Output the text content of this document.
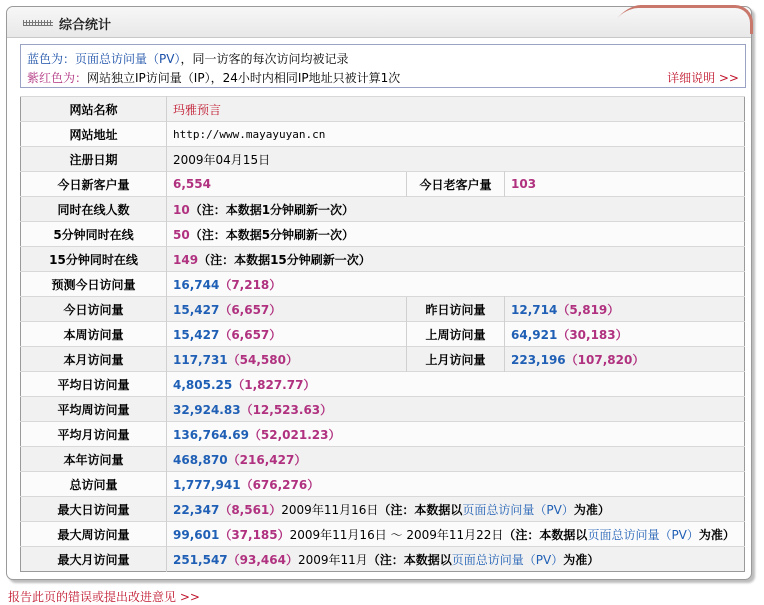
综合统计
蓝色为：页面总访问量（PV），同一访客的每次访问均被记录
紫红色为：网站独立IP访问量（IP），24小时内相同IP地址只被计算1次	详细说明 >>
网站名称	玛雅预言		
网站地址	http://www.mayayuyan.cn		
注册日期	2009年04月15日		
今日新客户量	6,554	今日老客户量	103
同时在线人数	10（注：本数据1分钟刷新一次）		
5分钟同时在线	50（注：本数据5分钟刷新一次）		
15分钟同时在线	149（注：本数据15分钟刷新一次）		
预测今日访问量	16,744（7,218）		
今日访问量	15,427（6,657）	昨日访问量	12,714（5,819）
本周访问量	15,427（6,657）	上周访问量	64,921（30,183）
本月访问量	117,731（54,580）	上月访问量	223,196（107,820）
平均日访问量	4,805.25（1,827.77）		
平均周访问量	32,924.83（12,523.63）		
平均月访问量	136,764.69（52,021.23）		
本年访问量	468,870（216,427）		
总访问量	1,777,941（676,276）		
最大日访问量	22,347（8,561）2009年11月16日（注：本数据以页面总访问量（PV）为准）		
最大周访问量	99,601（37,185）2009年11月16日 ～ 2009年11月22日（注：本数据以页面总访问量（PV）为准）		
最大月访问量	251,547（93,464）2009年11月（注：本数据以页面总访问量（PV）为准）		
报告此页的错误或提出改进意见 >>
